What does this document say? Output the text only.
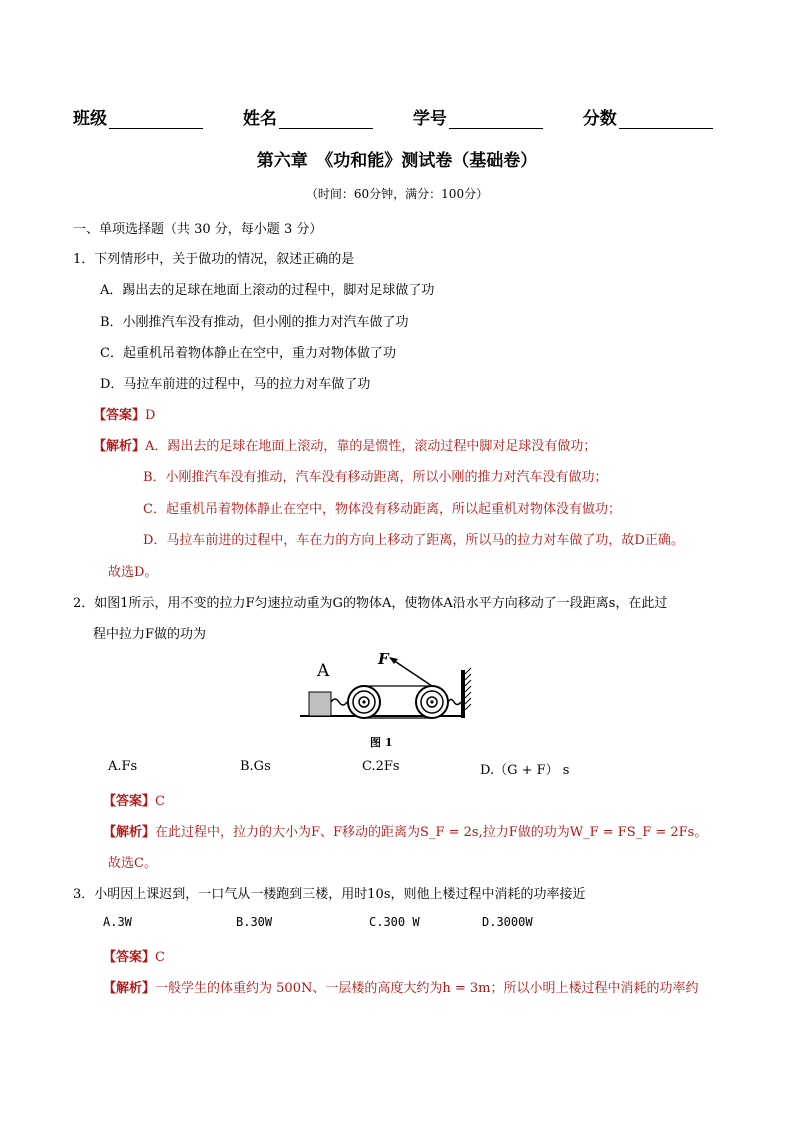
班级	姓名	学号	分数
第六章　《功和能》测试卷（基础卷）
（时间：60分钟，满分：100分）
一、单项选择题（共 30 分，每小题 3 分）
1．下列情形中，关于做功的情况，叙述正确的是
A．踢出去的足球在地面上滚动的过程中，脚对足球做了功
B．小刚推汽车没有推动，但小刚的推力对汽车做了功
C．起重机吊着物体静止在空中，重力对物体做了功
D．马拉车前进的过程中，马的拉力对车做了功
【答案】D
【解析】A．踢出去的足球在地面上滚动，靠的是惯性，滚动过程中脚对足球没有做功；
B．小刚推汽车没有推动，汽车没有移动距离，所以小刚的推力对汽车没有做功；
C．起重机吊着物体静止在空中，物体没有移动距离，所以起重机对物体没有做功；
D．马拉车前进的过程中，车在力的方向上移动了距离，所以马的拉力对车做了功，故D正确。
故选D。
2．如图1所示，用不变的拉力F匀速拉动重为G的物体A，使物体A沿水平方向移动了一段距离s，在此过
程中拉力F做的功为
A
F
图 1
A.Fs	B.Gs	C.2Fs	D.（G + F） s
【答案】C
【解析】在此过程中，拉力的大小为F、F移动的距离为S_F = 2s,拉力F做的功为W_F = FS_F = 2Fs。
故选C。
3．小明因上课迟到，一口气从一楼跑到三楼，用时10s，则他上楼过程中消耗的功率接近
A.3W	B.30W	C.300 W	D.3000W
【答案】C
【解析】一般学生的体重约为 500N、一层楼的高度大约为h = 3m；所以小明上楼过程中消耗的功率约
